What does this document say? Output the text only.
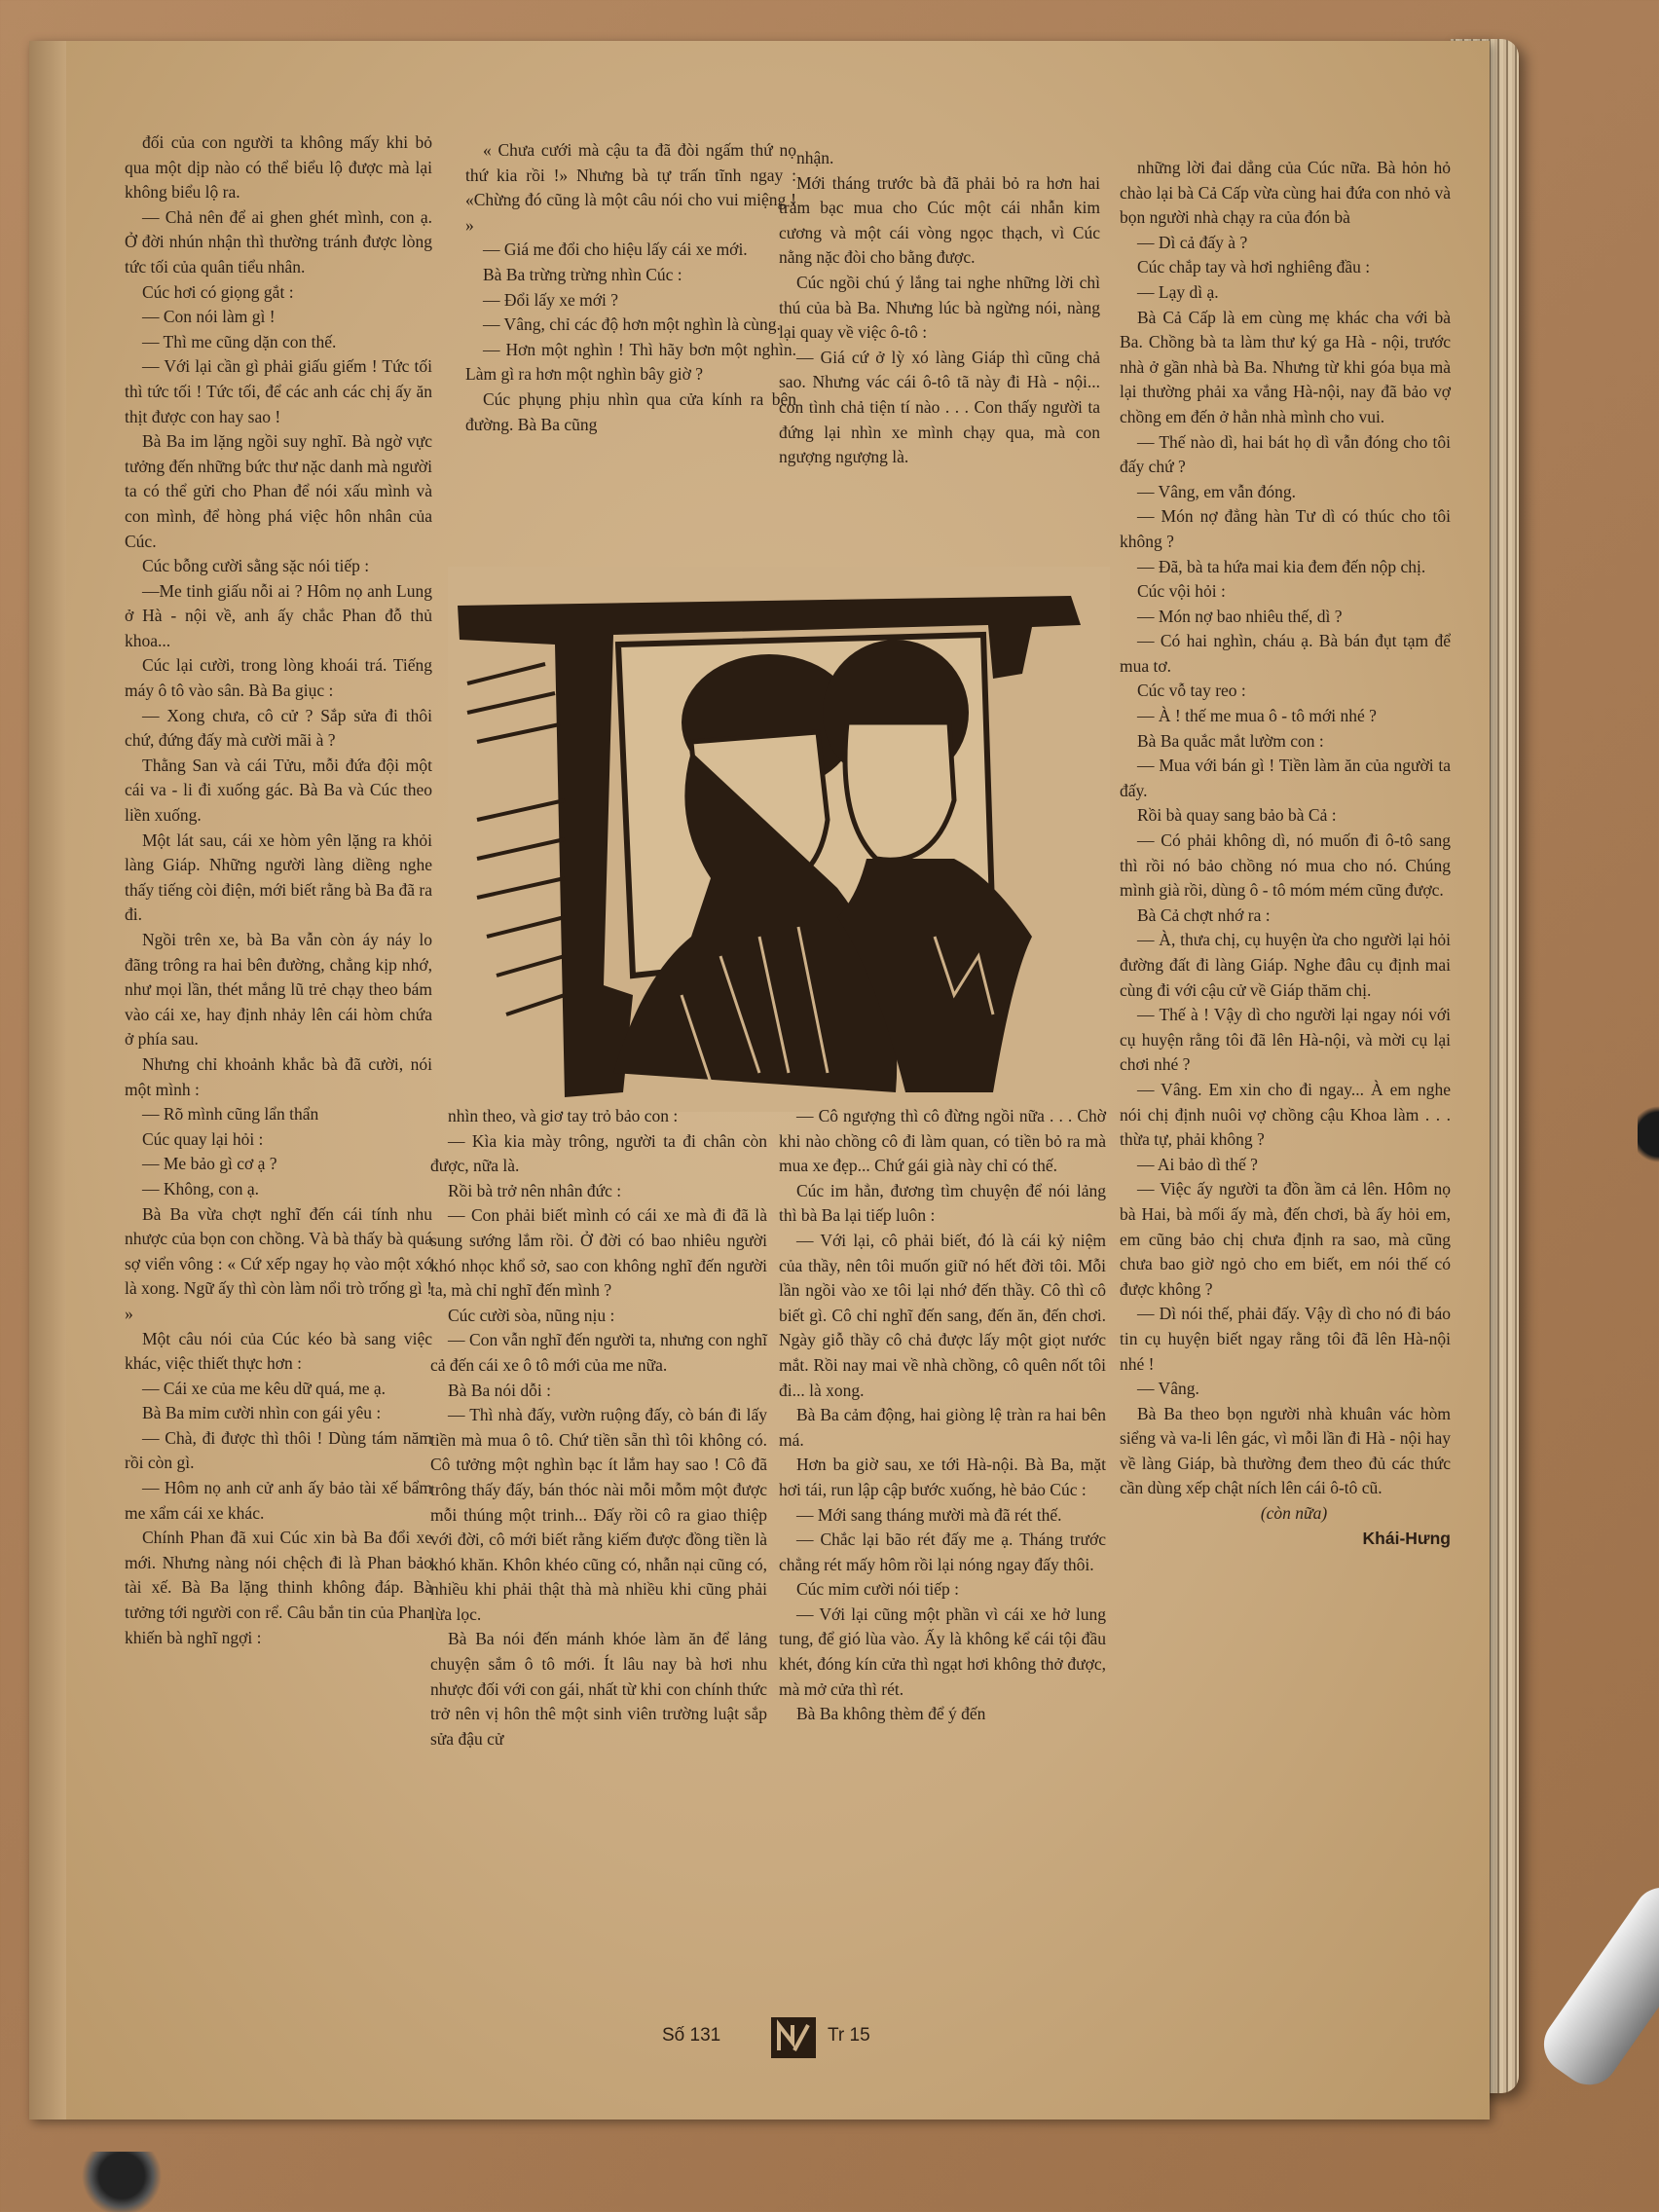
đối của con người ta không mấy khi bỏ qua một dịp nào có thể biểu lộ được mà lại không biểu lộ ra.

— Chả nên để ai ghen ghét mình, con ạ. Ở đời nhún nhận thì thường tránh được lòng tức tối của quân tiểu nhân.

Cúc hơi có giọng gắt :

— Con nói làm gì !

— Thì me cũng dặn con thế.

— Với lại cần gì phải giấu giếm ! Tức tối thì tức tối ! Tức tối, để các anh các chị ấy ăn thịt được con hay sao !

Bà Ba im lặng ngồi suy nghĩ. Bà ngờ vực tưởng đến những bức thư nặc danh mà người ta có thể gửi cho Phan để nói xấu mình và con mình, để hòng phá việc hôn nhân của Cúc.

Cúc bỗng cười sằng sặc nói tiếp :

—Me tinh giấu nỗi ai ? Hôm nọ anh Lung ở Hà - nội về, anh ấy chắc Phan đỗ thủ khoa...

Cúc lại cười, trong lòng khoái trá. Tiếng máy ô tô vào sân. Bà Ba giục :

— Xong chưa, cô cử ? Sắp sửa đi thôi chứ, đứng đấy mà cười mãi à ?

Thằng San và cái Tửu, mỗi đứa đội một cái va - li đi xuống gác. Bà Ba và Cúc theo liền xuống.

Một lát sau, cái xe hòm yên lặng ra khỏi làng Giáp. Những người làng diềng nghe thấy tiếng còi điện, mới biết rằng bà Ba đã ra đi.

Ngồi trên xe, bà Ba vẫn còn áy náy lo đãng trông ra hai bên đường, chẳng kịp nhớ, như mọi lần, thét mắng lũ trẻ chạy theo bám vào cái xe, hay định nhảy lên cái hòm chứa ở phía sau.

Nhưng chỉ khoảnh khắc bà đã cười, nói một mình :

— Rõ mình cũng lẩn thẩn

Cúc quay lại hỏi :

— Me bảo gì cơ ạ ?

— Không, con ạ.

Bà Ba vừa chợt nghĩ đến cái tính nhu nhược của bọn con chồng. Và bà thấy bà quá sợ viển vông : « Cứ xếp ngay họ vào một xó là xong. Ngữ ấy thì còn làm nổi trò trống gì ! »

Một câu nói của Cúc kéo bà sang việc khác, việc thiết thực hơn :

— Cái xe của me kêu dữ quá, me ạ.

Bà Ba mỉm cười nhìn con gái yêu :

— Chà, đi được thì thôi ! Dùng tám năm rồi còn gì.

— Hôm nọ anh cử anh ấy bảo tài xế bẩm me xẩm cái xe khác.

Chính Phan đã xui Cúc xin bà Ba đổi xe mới. Nhưng nàng nói chệch đi là Phan bảo tài xế. Bà Ba lặng thinh không đáp. Bà tưởng tới người con rể. Câu bắn tin của Phan khiến bà nghĩ ngợi :

« Chưa cưới mà cậu ta đã đòi ngấm thứ nọ thứ kia rồi !» Nhưng bà tự trấn tĩnh ngay : «Chừng đó cũng là một câu nói cho vui miệng ! »

— Giá me đổi cho hiệu lấy cái xe mới.

Bà Ba trừng trừng nhìn Cúc :

— Đổi lấy xe mới ?

— Vâng, chỉ các độ hơn một nghìn là cùng.

— Hơn một nghìn ! Thì hãy bơn một nghìn. Làm gì ra hơn một nghìn bây giờ ?

Cúc phụng phịu nhìn qua cửa kính ra bên đường. Bà Ba cũng

nhận.

Mới tháng trước bà đã phải bỏ ra hơn hai trăm bạc mua cho Cúc một cái nhẫn kim cương và một cái vòng ngọc thạch, vì Cúc nằng nặc đòi cho bằng được.

Cúc ngồi chú ý lắng tai nghe những lời chì thú của bà Ba. Nhưng lúc bà ngừng nói, nàng lại quay về việc ô-tô :

— Giá cứ ở lỳ xó làng Giáp thì cũng chả sao. Nhưng vác cái ô-tô tã này đi Hà - nội... con tình chả tiện tí nào . . . Con thấy người ta đứng lại nhìn xe mình chạy qua, mà con ngượng ngượng là.

những lời đai dẳng của Cúc nữa. Bà hỏn hỏ chào lại bà Cả Cấp vừa cùng hai đứa con nhỏ và bọn người nhà chạy ra của đón bà

— Dì cả đấy à ?

Cúc chắp tay và hơi nghiêng đầu :

— Lạy dì ạ.

Bà Cả Cấp là em cùng mẹ khác cha với bà Ba. Chồng bà ta làm thư ký ga Hà - nội, trước nhà ở gần nhà bà Ba. Nhưng từ khi góa bụa mà lại thường phải xa vắng Hà-nội, nay đã bảo vợ chồng em đến ở hẳn nhà mình cho vui.

— Thế nào dì, hai bát họ dì vẫn đóng cho tôi đấy chứ ?

— Vâng, em vẫn đóng.

— Món nợ đẳng hàn Tư dì có thúc cho tôi không ?

— Đã, bà ta hứa mai kia đem đến nộp chị.

Cúc vội hỏi :

— Món nợ bao nhiêu thế, dì ?

— Có hai nghìn, cháu ạ. Bà bán đụt tạm để mua tơ.

Cúc vỗ tay reo :

— À ! thế me mua ô - tô mới nhé ?

Bà Ba quắc mắt lườm con :

— Mua với bán gì ! Tiền làm ăn của người ta đấy.

Rồi bà quay sang bảo bà Cả :

— Có phải không dì, nó muốn đi ô-tô sang thì rồi nó bảo chồng nó mua cho nó. Chúng mình già rồi, dùng ô - tô móm mém cũng được.

Bà Cả chợt nhớ ra :

— À, thưa chị, cụ huyện ừa cho người lại hỏi đường đất đi làng Giáp. Nghe đâu cụ định mai cùng đi với cậu cử về Giáp thăm chị.

— Thế à ! Vậy dì cho người lại ngay nói với cụ huyện rằng tôi đã lên Hà-nội, và mời cụ lại chơi nhé ?

— Vâng. Em xin cho đi ngay... À em nghe nói chị định nuôi vợ chồng cậu Khoa làm . . . thừa tự, phải không ?

— Ai bảo dì thế ?

— Việc ấy người ta đồn ầm cả lên. Hôm nọ bà Hai, bà mối ấy mà, đến chơi, bà ấy hỏi em, em cũng bảo chị chưa định ra sao, mà cũng chưa bao giờ ngỏ cho em biết, em nói thế có được không ?

— Dì nói thế, phải đấy. Vậy dì cho nó đi báo tin cụ huyện biết ngay rằng tôi đã lên Hà-nội nhé !

— Vâng.

Bà Ba theo bọn người nhà khuân vác hòm siểng và va-li lên gác, vì mỗi lần đi Hà - nội hay về làng Giáp, bà thường đem theo đủ các thức cần dùng xếp chật ních lên cái ô-tô cũ.

(còn nữa)

Khái-Hưng

nhìn theo, và giơ tay trỏ bảo con :

— Kìa kia mày trông, người ta đi chân còn được, nữa là.

Rồi bà trở nên nhân đức :

— Con phải biết mình có cái xe mà đi đã là sung sướng lắm rồi. Ở đời có bao nhiêu người khó nhọc khổ sở, sao con không nghĩ đến người ta, mà chỉ nghĩ đến mình ?

Cúc cười sòa, nũng nịu :

— Con vẫn nghĩ đến người ta, nhưng con nghĩ cả đến cái xe ô tô mới của me nữa.

Bà Ba nói dỗi :

— Thì nhà đấy, vườn ruộng đấy, cò bán đi lấy tiền mà mua ô tô. Chứ tiền sẵn thì tôi không có. Cô tưởng một nghìn bạc ít lắm hay sao ! Cô đã trông thấy đấy, bán thóc nài mỗi mỗm một được mỗi thúng một trinh... Đấy rồi cô ra giao thiệp với đời, cô mới biết rằng kiếm được đồng tiền là khó khăn. Khôn khéo cũng có, nhẫn nại cũng có, nhiều khi phải thật thà mà nhiều khi cũng phải lừa lọc.

Bà Ba nói đến mánh khóe làm ăn để lảng chuyện sắm ô tô mới. Ít lâu nay bà hơi nhu nhược đối với con gái, nhất từ khi con chính thức trở nên vị hôn thê một sinh viên trường luật sắp sửa đậu cử

— Cô ngượng thì cô đừng ngồi nữa . . . Chờ khi nào chồng cô đi làm quan, có tiền bỏ ra mà mua xe đẹp... Chứ gái già này chỉ có thế.

Cúc im hẳn, đương tìm chuyện để nói lảng thì bà Ba lại tiếp luôn :

— Với lại, cô phải biết, đó là cái kỷ niệm của thầy, nên tôi muốn giữ nó hết đời tôi. Mỗi lần ngồi vào xe tôi lại nhớ đến thầy. Cô thì cô biết gì. Cô chỉ nghĩ đến sang, đến ăn, đến chơi. Ngày giỗ thầy cô chả được lấy một giọt nước mắt. Rồi nay mai về nhà chồng, cô quên nốt tôi đi... là xong.

Bà Ba cảm động, hai giòng lệ tràn ra hai bên má.

Hơn ba giờ sau, xe tới Hà-nội. Bà Ba, mặt hơi tái, run lập cập bước xuống, hè bảo Cúc :

— Mới sang tháng mười mà đã rét thế.

— Chắc lại bão rét đấy me ạ. Tháng trước chẳng rét mấy hôm rồi lại nóng ngay đấy thôi.

Cúc mỉm cười nói tiếp :

— Với lại cũng một phần vì cái xe hở lung tung, để gió lùa vào. Ấy là không kể cái tội đầu khét, đóng kín cửa thì ngạt hơi không thở được, mà mở cửa thì rét.

Bà Ba không thèm để ý đến

Số 131	Tr 15
